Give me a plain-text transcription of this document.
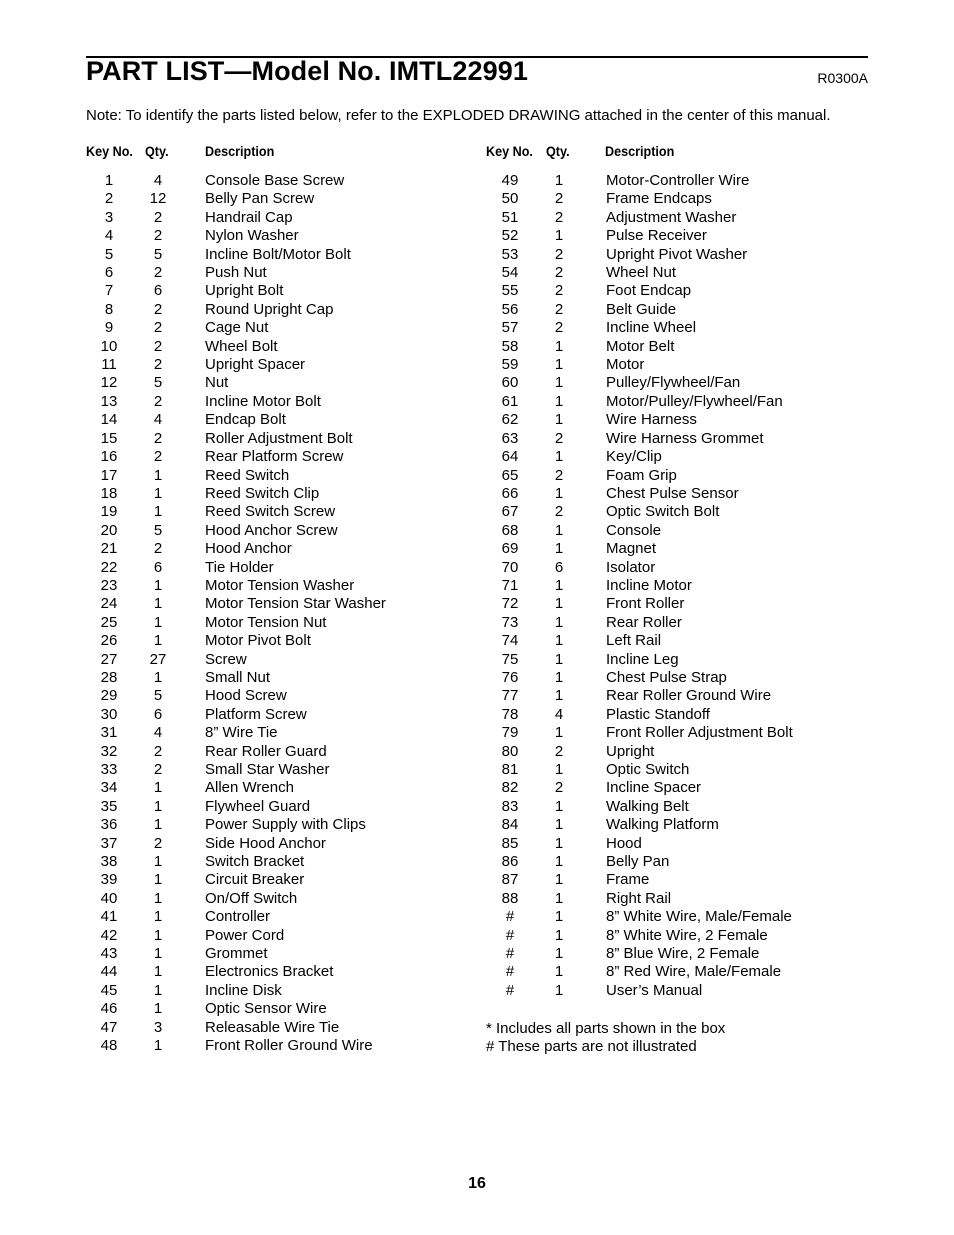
PART LIST—Model No. IMTL22991	R0300A
Note: To identify the parts listed below, refer to the EXPLODED DRAWING attached in the center of this manual.
Key No. Qty.	Description	Key No. Qty.	Description
1	4	Console Base Screw
2	12	Belly Pan Screw
3	2	Handrail Cap
4	2	Nylon Washer
5	5	Incline Bolt/Motor Bolt
6	2	Push Nut
7	6	Upright Bolt
8	2	Round Upright Cap
9	2	Cage Nut
10	2	Wheel Bolt
11	2	Upright Spacer
12	5	Nut
13	2	Incline Motor Bolt
14	4	Endcap Bolt
15	2	Roller Adjustment Bolt
16	2	Rear Platform Screw
17	1	Reed Switch
18	1	Reed Switch Clip
19	1	Reed Switch Screw
20	5	Hood Anchor Screw
21	2	Hood Anchor
22	6	Tie Holder
23	1	Motor Tension Washer
24	1	Motor Tension Star Washer
25	1	Motor Tension Nut
26	1	Motor Pivot Bolt
27	27	Screw
28	1	Small Nut
29	5	Hood Screw
30	6	Platform Screw
31	4	8” Wire Tie
32	2	Rear Roller Guard
33	2	Small Star Washer
34	1	Allen Wrench
35	1	Flywheel Guard
36	1	Power Supply with Clips
37	2	Side Hood Anchor
38	1	Switch Bracket
39	1	Circuit Breaker
40	1	On/Off Switch
41	1	Controller
42	1	Power Cord
43	1	Grommet
44	1	Electronics Bracket
45	1	Incline Disk
46	1	Optic Sensor Wire
47	3	Releasable Wire Tie
48	1	Front Roller Ground Wire
49	1	Motor-Controller Wire
50	2	Frame Endcaps
51	2	Adjustment Washer
52	1	Pulse Receiver
53	2	Upright Pivot Washer
54	2	Wheel Nut
55	2	Foot Endcap
56	2	Belt Guide
57	2	Incline Wheel
58	1	Motor Belt
59	1	Motor
60	1	Pulley/Flywheel/Fan
61	1	Motor/Pulley/Flywheel/Fan
62	1	Wire Harness
63	2	Wire Harness Grommet
64	1	Key/Clip
65	2	Foam Grip
66	1	Chest Pulse Sensor
67	2	Optic Switch Bolt
68	1	Console
69	1	Magnet
70	6	Isolator
71	1	Incline Motor
72	1	Front Roller
73	1	Rear Roller
74	1	Left Rail
75	1	Incline Leg
76	1	Chest Pulse Strap
77	1	Rear Roller Ground Wire
78	4	Plastic Standoff
79	1	Front Roller Adjustment Bolt
80	2	Upright
81	1	Optic Switch
82	2	Incline Spacer
83	1	Walking Belt
84	1	Walking Platform
85	1	Hood
86	1	Belly Pan
87	1	Frame
88	1	Right Rail
#	1	8” White Wire, Male/Female
#	1	8” White Wire, 2 Female
#	1	8” Blue Wire, 2 Female
#	1	8” Red Wire, Male/Female
#	1	User’s Manual
* Includes all parts shown in the box
# These parts are not illustrated
16
